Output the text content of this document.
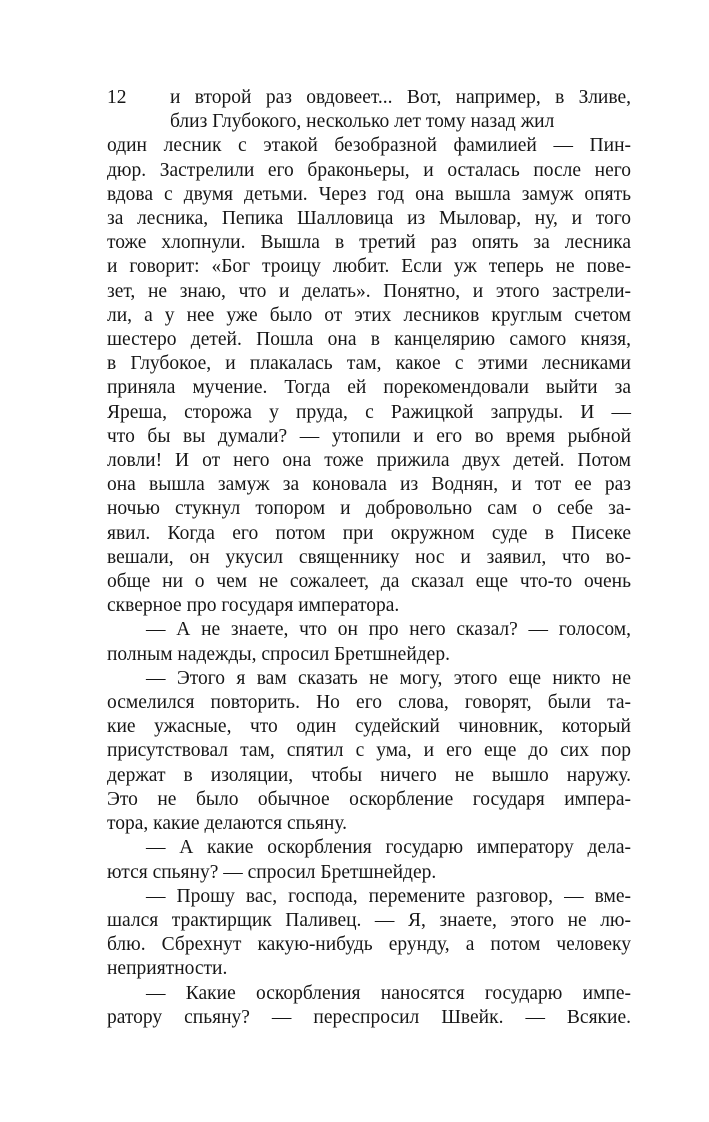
12	и второй раз овдовеет... Вот, например, в Зливе,
близ Глубокого, несколько лет тому назад жил
один лесник с этакой безобразной фамилией — Пин-
дюр. Застрелили его браконьеры, и осталась после него
вдова с двумя детьми. Через год она вышла замуж опять
за лесника, Пепика Шалловица из Мыловар, ну, и того
тоже хлопнули. Вышла в третий раз опять за лесника
и говорит: «Бог троицу любит. Если уж теперь не пове-
зет, не знаю, что и делать». Понятно, и этого застрели-
ли, а у нее уже было от этих лесников круглым счетом
шестеро детей. Пошла она в канцелярию самого князя,
в Глубокое, и плакалась там, какое с этими лесниками
приняла мучение. Тогда ей порекомендовали выйти за
Яреша, сторожа у пруда, с Ражицкой запруды. И —
что бы вы думали? — утопили и его во время рыбной
ловли! И от него она тоже прижила двух детей. Потом
она вышла замуж за коновала из Воднян, и тот ее раз
ночью стукнул топором и добровольно сам о себе за-
явил. Когда его потом при окружном суде в Писеке
вешали, он укусил священнику нос и заявил, что во-
обще ни о чем не сожалеет, да сказал еще что-то очень
скверное про государя императора.
— А не знаете, что он про него сказал? — голосом,
полным надежды, спросил Бретшнейдер.
— Этого я вам сказать не могу, этого еще никто не
осмелился повторить. Но его слова, говорят, были та-
кие ужасные, что один судейский чиновник, который
присутствовал там, спятил с ума, и его еще до сих пор
держат в изоляции, чтобы ничего не вышло наружу.
Это не было обычное оскорбление государя импера-
тора, какие делаются спьяну.
— А какие оскорбления государю императору дела-
ются спьяну? — спросил Бретшнейдер.
— Прошу вас, господа, перемените разговор, — вме-
шался трактирщик Паливец. — Я, знаете, этого не лю-
блю. Сбрехнут какую-нибудь ерунду, а потом человеку
неприятности.
— Какие оскорбления наносятся государю импе-
ратору спьяну? — переспросил Швейк. — Всякие.
